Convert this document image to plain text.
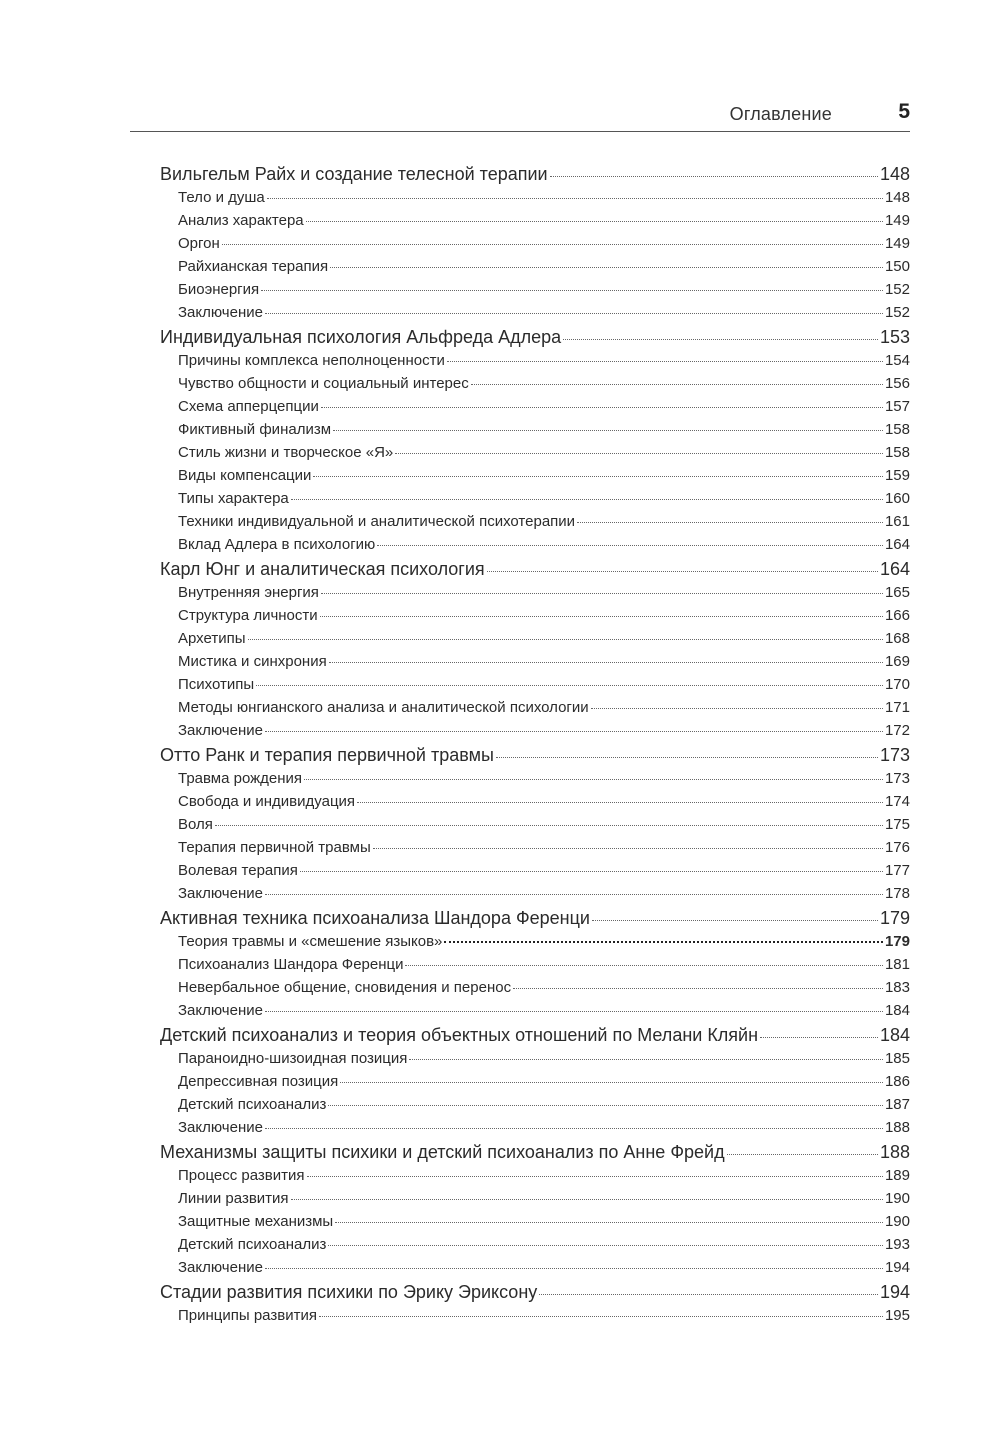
Оглавление	5
Вильгельм Райх и создание телесной терапии	148
Тело и душа	148
Анализ характера	149
Оргон	149
Райхианская терапия	150
Биоэнергия	152
Заключение	152
Индивидуальная психология Альфреда Адлера	153
Причины комплекса неполноценности	154
Чувство общности и социальный интерес	156
Схема апперцепции	157
Фиктивный финализм	158
Стиль жизни и творческое «Я»	158
Виды компенсации	159
Типы характера	160
Техники индивидуальной и аналитической психотерапии	161
Вклад Адлера в психологию	164
Карл Юнг и аналитическая психология	164
Внутренняя энергия	165
Структура личности	166
Архетипы	168
Мистика и синхрония	169
Психотипы	170
Методы юнгианского анализа и аналитической психологии	171
Заключение	172
Отто Ранк и терапия первичной травмы	173
Травма рождения	173
Свобода и индивидуация	174
Воля	175
Терапия первичной травмы	176
Волевая терапия	177
Заключение	178
Активная техника психоанализа Шандора Ференци	179
Теория травмы и «смешение языков»	179
Психоанализ Шандора Ференци	181
Невербальное общение, сновидения и перенос	183
Заключение	184
Детский психоанализ и теория объектных отношений по Мелани Кляйн	184
Параноидно-шизоидная позиция	185
Депрессивная позиция	186
Детский психоанализ	187
Заключение	188
Механизмы защиты психики и детский психоанализ по Анне Фрейд	188
Процесс развития	189
Линии развития	190
Защитные механизмы	190
Детский психоанализ	193
Заключение	194
Стадии развития психики по Эрику Эриксону	194
Принципы развития	195
